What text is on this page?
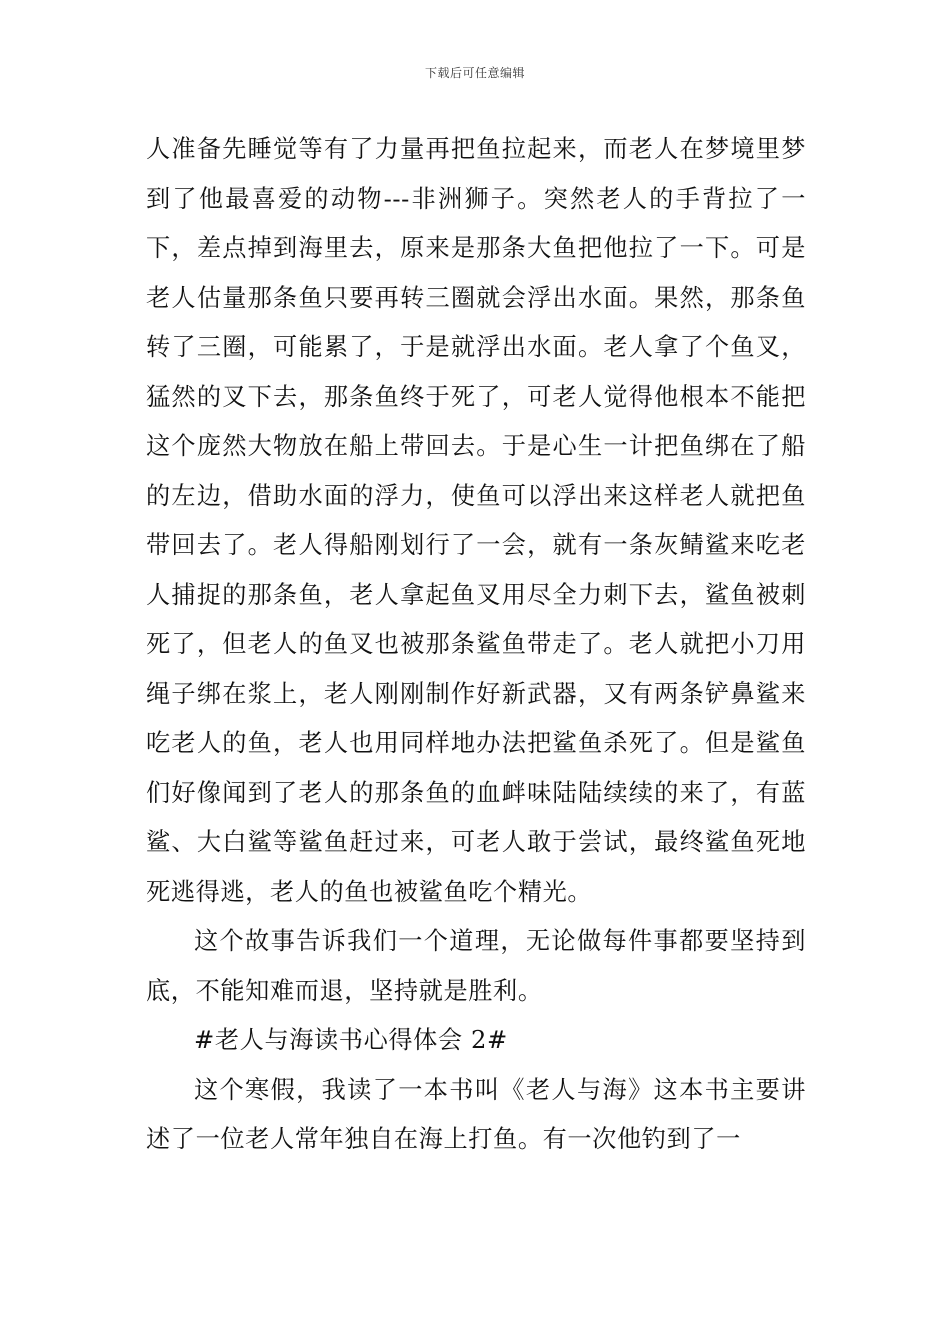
下载后可任意编辑

人准备先睡觉等有了力量再把鱼拉起来，而老人在梦境里梦到了他最喜爱的动物---非洲狮子。突然老人的手背拉了一下，差点掉到海里去，原来是那条大鱼把他拉了一下。可是老人估量那条鱼只要再转三圈就会浮出水面。果然，那条鱼转了三圈，可能累了，于是就浮出水面。老人拿了个鱼叉，猛然的叉下去，那条鱼终于死了，可老人觉得他根本不能把这个庞然大物放在船上带回去。于是心生一计把鱼绑在了船的左边，借助水面的浮力，使鱼可以浮出来这样老人就把鱼带回去了。老人得船刚划行了一会，就有一条灰鲭鲨来吃老人捕捉的那条鱼，老人拿起鱼叉用尽全力刺下去，鲨鱼被刺死了，但老人的鱼叉也被那条鲨鱼带走了。老人就把小刀用绳子绑在浆上，老人刚刚制作好新武器，又有两条铲鼻鲨来吃老人的鱼，老人也用同样地办法把鲨鱼杀死了。但是鲨鱼们好像闻到了老人的那条鱼的血衅味陆陆续续的来了，有蓝鲨、大白鲨等鲨鱼赶过来，可老人敢于尝试，最终鲨鱼死地死逃得逃，老人的鱼也被鲨鱼吃个精光。

这个故事告诉我们一个道理，无论做每件事都要坚持到底，不能知难而退，坚持就是胜利。

#老人与海读书心得体会 2#

这个寒假，我读了一本书叫《老人与海》这本书主要讲述了一位老人常年独自在海上打鱼。有一次他钓到了一
